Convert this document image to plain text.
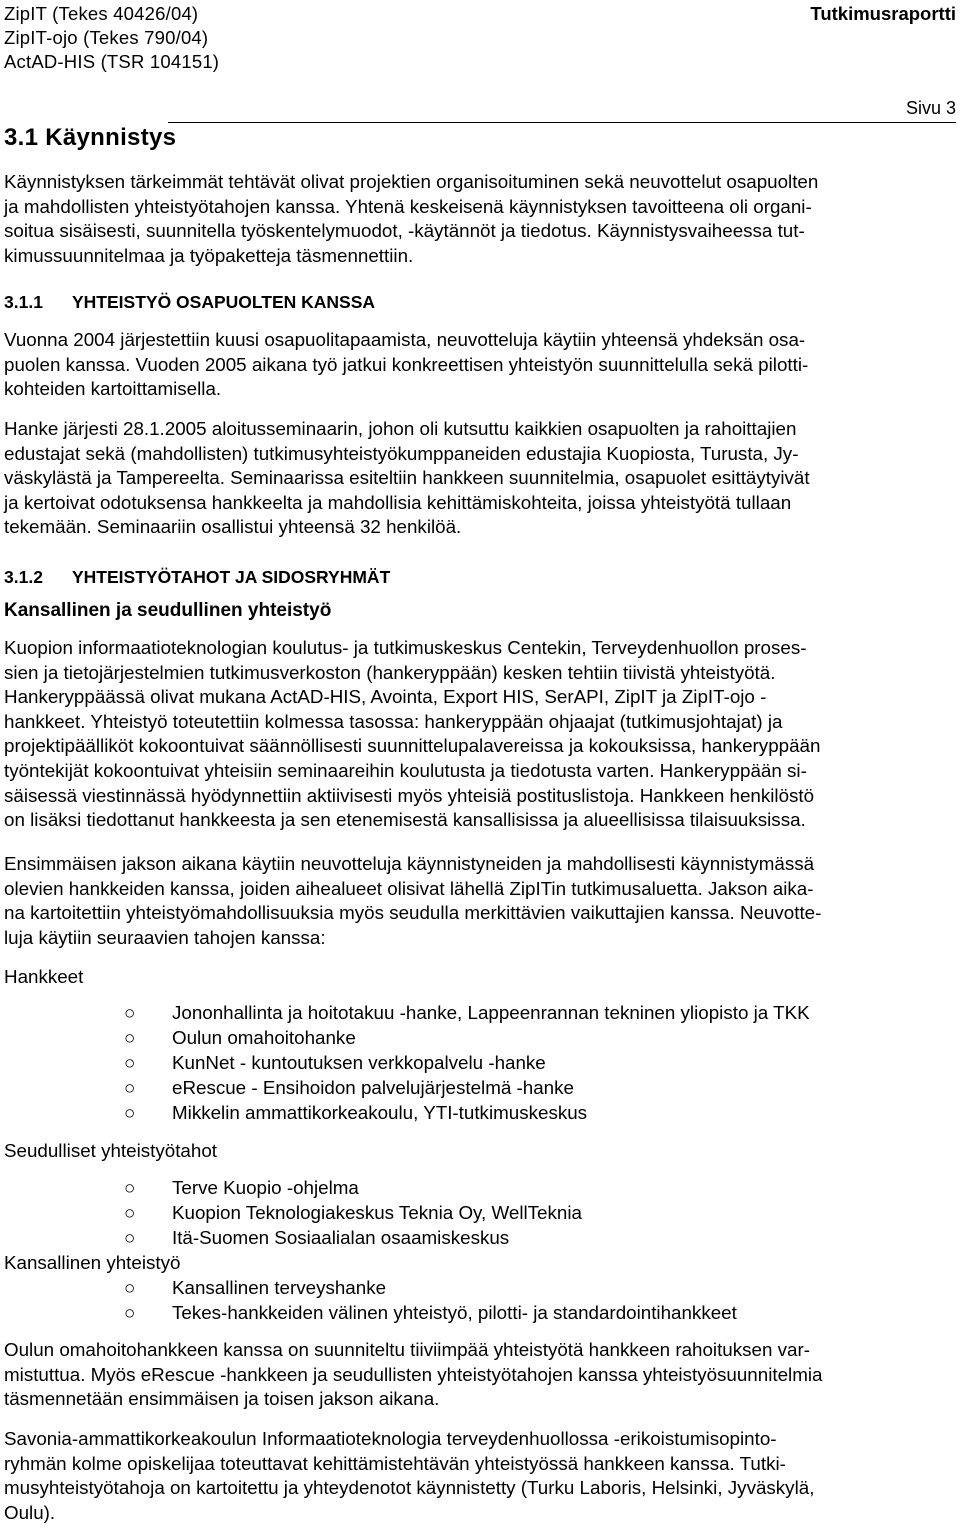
ZipIT (Tekes 40426/04)
ZipIT-ojo (Tekes 790/04)
ActAD-HIS (TSR 104151)
Tutkimusraportti
Sivu 3
3.1 Käynnistys
Käynnistyksen tärkeimmät tehtävät olivat projektien organisoituminen sekä neuvottelut osapuolten
ja mahdollisten yhteistyötahojen kanssa. Yhtenä keskeisenä käynnistyksen tavoitteena oli organi-
soitua sisäisesti, suunnitella työskentelymuodot, -käytännöt ja tiedotus. Käynnistysvaiheessa tut-
kimussuunnitelmaa ja työpaketteja täsmennettiin.
3.1.1 YHTEISTYÖ OSAPUOLTEN KANSSA
Vuonna 2004 järjestettiin kuusi osapuolitapaamista, neuvotteluja käytiin yhteensä yhdeksän osa-
puolen kanssa. Vuoden 2005 aikana työ jatkui konkreettisen yhteistyön suunnittelulla sekä pilotti-
kohteiden kartoittamisella.
Hanke järjesti 28.1.2005 aloitusseminaarin, johon oli kutsuttu kaikkien osapuolten ja rahoittajien
edustajat sekä (mahdollisten) tutkimusyhteistyökumppaneiden edustajia Kuopiosta, Turusta, Jy-
väskylästä ja Tampereelta. Seminaarissa esiteltiin hankkeen suunnitelmia, osapuolet esittäytyivät
ja kertoivat odotuksensa hankkeelta ja mahdollisia kehittämiskohteita, joissa yhteistyötä tullaan
tekemään. Seminaariin osallistui yhteensä 32 henkilöä.
3.1.2 YHTEISTYÖTAHOT JA SIDOSRYHMÄT
Kansallinen ja seudullinen yhteistyö
Kuopion informaatioteknologian koulutus- ja tutkimuskeskus Centekin, Terveydenhuollon proses-
sien ja tietojärjestelmien tutkimusverkoston (hankeryppään) kesken tehtiin tiivistä yhteistyötä.
Hankeryppäässä olivat mukana ActAD-HIS, Avointa, Export HIS, SerAPI, ZipIT ja ZipIT-ojo -
hankkeet. Yhteistyö toteutettiin kolmessa tasossa: hankeryppään ohjaajat (tutkimusjohtajat) ja
projektipäälliköt kokoontuivat säännöllisesti suunnittelupalavereissa ja kokouksissa, hankeryppään
työntekijät kokoontuivat yhteisiin seminaareihin koulutusta ja tiedotusta varten. Hankeryppään si-
säisessä viestinnässä hyödynnettiin aktiivisesti myös yhteisiä postituslistoja. Hankkeen henkilöstö
on lisäksi tiedottanut hankkeesta ja sen etenemisestä kansallisissa ja alueellisissa tilaisuuksissa.
Ensimmäisen jakson aikana käytiin neuvotteluja käynnistyneiden ja mahdollisesti käynnistymässä
olevien hankkeiden kanssa, joiden aihealueet olisivat lähellä ZipITin tutkimusaluetta. Jakson aika-
na kartoitettiin yhteistyömahdollisuuksia myös seudulla merkittävien vaikuttajien kanssa. Neuvotte-
luja käytiin seuraavien tahojen kanssa:
Hankkeet
○ Jononhallinta ja hoitotakuu -hanke, Lappeenrannan tekninen yliopisto ja TKK
○ Oulun omahoitohanke
○ KunNet - kuntoutuksen verkkopalvelu -hanke
○ eRescue - Ensihoidon palvelujärjestelmä -hanke
○ Mikkelin ammattikorkeakoulu, YTI-tutkimuskeskus
Seudulliset yhteistyötahot
○ Terve Kuopio -ohjelma
○ Kuopion Teknologiakeskus Teknia Oy, WellTeknia
○ Itä-Suomen Sosiaalialan osaamiskeskus
Kansallinen yhteistyö
○ Kansallinen terveyshanke
○ Tekes-hankkeiden välinen yhteistyö, pilotti- ja standardointihankkeet
Oulun omahoitohankkeen kanssa on suunniteltu tiiviimpää yhteistyötä hankkeen rahoituksen var-
mistuttua. Myös eRescue -hankkeen ja seudullisten yhteistyötahojen kanssa yhteistyösuunnitelmia
täsmennetään ensimmäisen ja toisen jakson aikana.
Savonia-ammattikorkeakoulun Informaatioteknologia terveydenhuollossa -erikoistumisopinto-
ryhmän kolme opiskelijaa toteuttavat kehittämistehtävän yhteistyössä hankkeen kanssa. Tutki-
musyhteistyötahoja on kartoitettu ja yhteydenotot käynnistetty (Turku Laboris, Helsinki, Jyväskylä,
Oulu).
